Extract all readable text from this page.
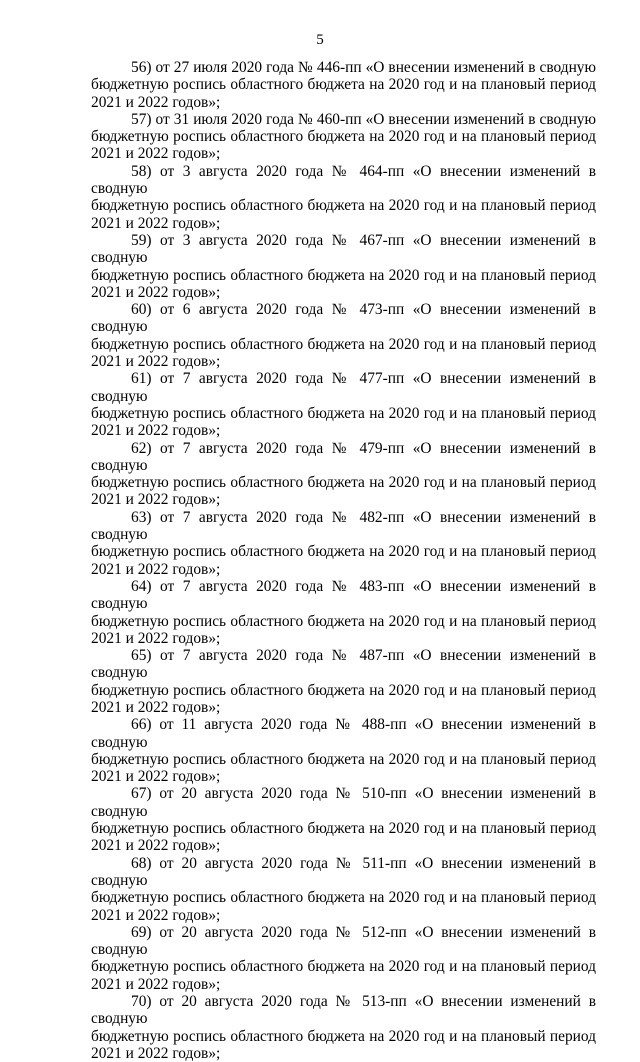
5

56) от 27 июля 2020 года № 446-пп «О внесении изменений в сводную
бюджетную роспись областного бюджета на 2020 год и на плановый период
2021 и 2022 годов»;

57) от 31 июля 2020 года № 460-пп «О внесении изменений в сводную
бюджетную роспись областного бюджета на 2020 год и на плановый период
2021 и 2022 годов»;

58) от 3 августа 2020 года № 464-пп «О внесении изменений в сводную
бюджетную роспись областного бюджета на 2020 год и на плановый период
2021 и 2022 годов»;

59) от 3 августа 2020 года № 467-пп «О внесении изменений в сводную
бюджетную роспись областного бюджета на 2020 год и на плановый период
2021 и 2022 годов»;

60) от 6 августа 2020 года № 473-пп «О внесении изменений в сводную
бюджетную роспись областного бюджета на 2020 год и на плановый период
2021 и 2022 годов»;

61) от 7 августа 2020 года № 477-пп «О внесении изменений в сводную
бюджетную роспись областного бюджета на 2020 год и на плановый период
2021 и 2022 годов»;

62) от 7 августа 2020 года № 479-пп «О внесении изменений в сводную
бюджетную роспись областного бюджета на 2020 год и на плановый период
2021 и 2022 годов»;

63) от 7 августа 2020 года № 482-пп «О внесении изменений в сводную
бюджетную роспись областного бюджета на 2020 год и на плановый период
2021 и 2022 годов»;

64) от 7 августа 2020 года № 483-пп «О внесении изменений в сводную
бюджетную роспись областного бюджета на 2020 год и на плановый период
2021 и 2022 годов»;

65) от 7 августа 2020 года № 487-пп «О внесении изменений в сводную
бюджетную роспись областного бюджета на 2020 год и на плановый период
2021 и 2022 годов»;

66) от 11 августа 2020 года № 488-пп «О внесении изменений в сводную
бюджетную роспись областного бюджета на 2020 год и на плановый период
2021 и 2022 годов»;

67) от 20 августа 2020 года № 510-пп «О внесении изменений в сводную
бюджетную роспись областного бюджета на 2020 год и на плановый период
2021 и 2022 годов»;

68) от 20 августа 2020 года № 511-пп «О внесении изменений в сводную
бюджетную роспись областного бюджета на 2020 год и на плановый период
2021 и 2022 годов»;

69) от 20 августа 2020 года № 512-пп «О внесении изменений в сводную
бюджетную роспись областного бюджета на 2020 год и на плановый период
2021 и 2022 годов»;

70) от 20 августа 2020 года № 513-пп «О внесении изменений в сводную
бюджетную роспись областного бюджета на 2020 год и на плановый период
2021 и 2022 годов»;
